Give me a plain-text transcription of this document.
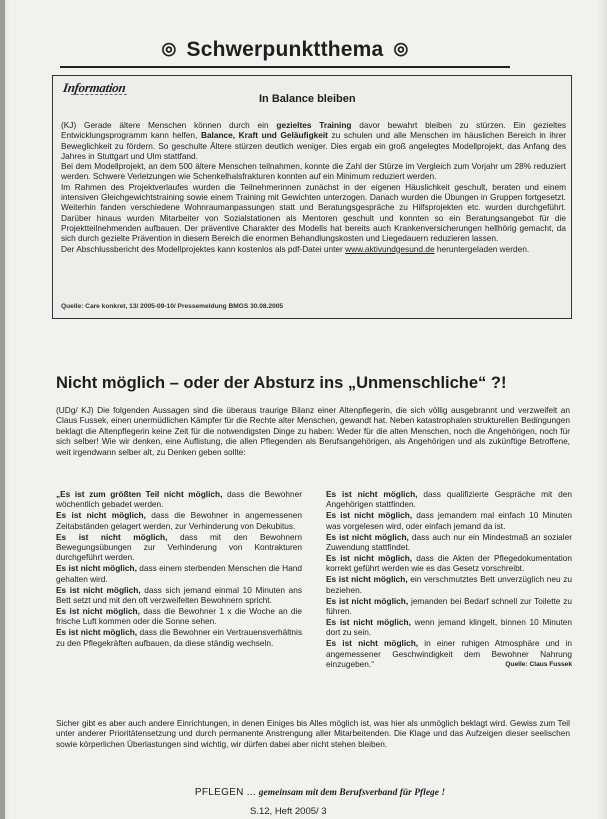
◎ Schwerpunktthema ◎
Information
In Balance bleiben

(KJ) Gerade ältere Menschen können durch ein gezieltes Training davor bewahrt bleiben zu stürzen. Ein gezieltes Entwicklungsprogramm kann helfen, Balance, Kraft und Geläufigkeit zu schulen und alle Menschen im häuslichen Bereich in ihrer Beweglichkeit zu fördern. So geschulte Ältere stürzen deutlich weniger. Dies ergab ein groß angelegtes Modellprojekt, das Anfang des Jahres in Stuttgart und Ulm stattfand.

Bei dem Modellprojekt, an dem 500 ältere Menschen teilnahmen, konnte die Zahl der Stürze im Vergleich zum Vorjahr um 28% reduziert werden. Schwere Verletzungen wie Schenkelhalsfrakturen konnten auf ein Minimum reduziert werden.

Im Rahmen des Projektverlaufes wurden die Teilnehmerinnen zunächst in der eigenen Häuslichkeit geschult, beraten und einem intensiven Gleichgewichtstraining sowie einem Training mit Gewichten unterzogen. Danach wurden die Übungen in Gruppen fortgesetzt. Weiterhin fanden verschiedene Wohnraumanpassungen statt und Beratungsgespräche zu Hilfsprojekten etc. wurden durchgeführt. Darüber hinaus wurden Mitarbeiter von Sozialstationen als Mentoren geschult und konnten so ein Beratungsangebot für die Projektteilnehmenden aufbauen. Der präventive Charakter des Modells hat bereits auch Krankenversicherungen hellhörig gemacht, da sich durch gezielte Prävention in diesem Bereich die enormen Behandlungskosten und Liegedauern reduzieren lassen.

Der Abschlussbericht des Modellprojektes kann kostenlos als pdf-Datei unter www.aktivundgesund.de heruntergeladen werden.

Quelle: Care konkret, 13/ 2005-09-10/ Pressemeldung BMGS 30.08.2005
Nicht möglich – oder der Absturz ins „Unmenschliche“ ?!
(UDg/ KJ) Die folgenden Aussagen sind die überaus traurige Bilanz einer Altenpflegerin, die sich völlig ausgebrannt und verzweifelt an Claus Fussek, einen unermüdlichen Kämpfer für die Rechte alter Menschen, gewandt hat. Neben katastrophalen strukturellen Bedingungen beklagt die Altenpflegerin keine Zeit für die notwendigsten Dinge zu haben: Weder für die alten Menschen, noch die Angehörigen, noch für sich selber! Wie wir denken, eine Auflistung, die allen Pflegenden als Berufsangehörigen, als Angehörigen und als zukünftige Betroffene, weit irgendwann selber alt, zu Denken geben sollte:

„Es ist zum größten Teil nicht möglich, dass die Bewohner wöchentlich gebadet werden.

Es ist nicht möglich, dass die Bewohner in angemessenen Zeitabständen gelagert werden, zur Verhinderung von Dekubitus.

Es ist nicht möglich, dass mit den Bewohnern Bewegungsübungen zur Verhinderung von Kontrakturen durchgeführt werden.

Es ist nicht möglich, dass einem sterbenden Menschen die Hand gehalten wird.

Es ist nicht möglich, dass sich jemand einmal 10 Minuten ans Bett setzt und mit den oft verzweifelten Bewohnern spricht.

Es ist nicht möglich, dass die Bewohner 1 x die Woche an die frische Luft kommen oder die Sonne sehen.

Es ist nicht möglich, dass die Bewohner ein Vertrauensverhältnis zu den Pflegekräften aufbauen, da diese ständig wechseln.

Es ist nicht möglich, dass qualifizierte Gespräche mit den Angehörigen stattfinden.

Es ist nicht möglich, dass jemandem mal einfach 10 Minuten was vorgelesen wird, oder einfach jemand da ist.

Es ist nicht möglich, dass auch nur ein Mindestmaß an sozialer Zuwendung stattfindet.

Es ist nicht möglich, dass die Akten der Pflegedokumentation korrekt geführt werden wie es das Gesetz vorschreibt.

Es ist nicht möglich, ein verschmutztes Bett unverzüglich neu zu beziehen.

Es ist nicht möglich, jemanden bei Bedarf schnell zur Toilette zu führen.

Es ist nicht möglich, wenn jemand klingelt, binnen 10 Minuten dort zu sein.

Es ist nicht möglich, in einer ruhigen Atmosphäre und in angemessener Geschwindigkeit dem Bewohner Nahrung einzugeben.“	Quelle: Claus Fussek

Sicher gibt es aber auch andere Einrichtungen, in denen Einiges bis Alles möglich ist, was hier als unmöglich beklagt wird. Gewiss zum Teil unter anderer Prioritätensetzung und durch permanente Anstrengung aller Mitarbeitenden. Die Klage und das Aufzeigen dieser seelischen sowie körperlichen Überlastungen sind wichtig, wir dürfen dabei aber nicht stehen bleiben.
PFLEGEN ... gemeinsam mit dem Berufsverband für Pflege !
S.12, Heft 2005/ 3
